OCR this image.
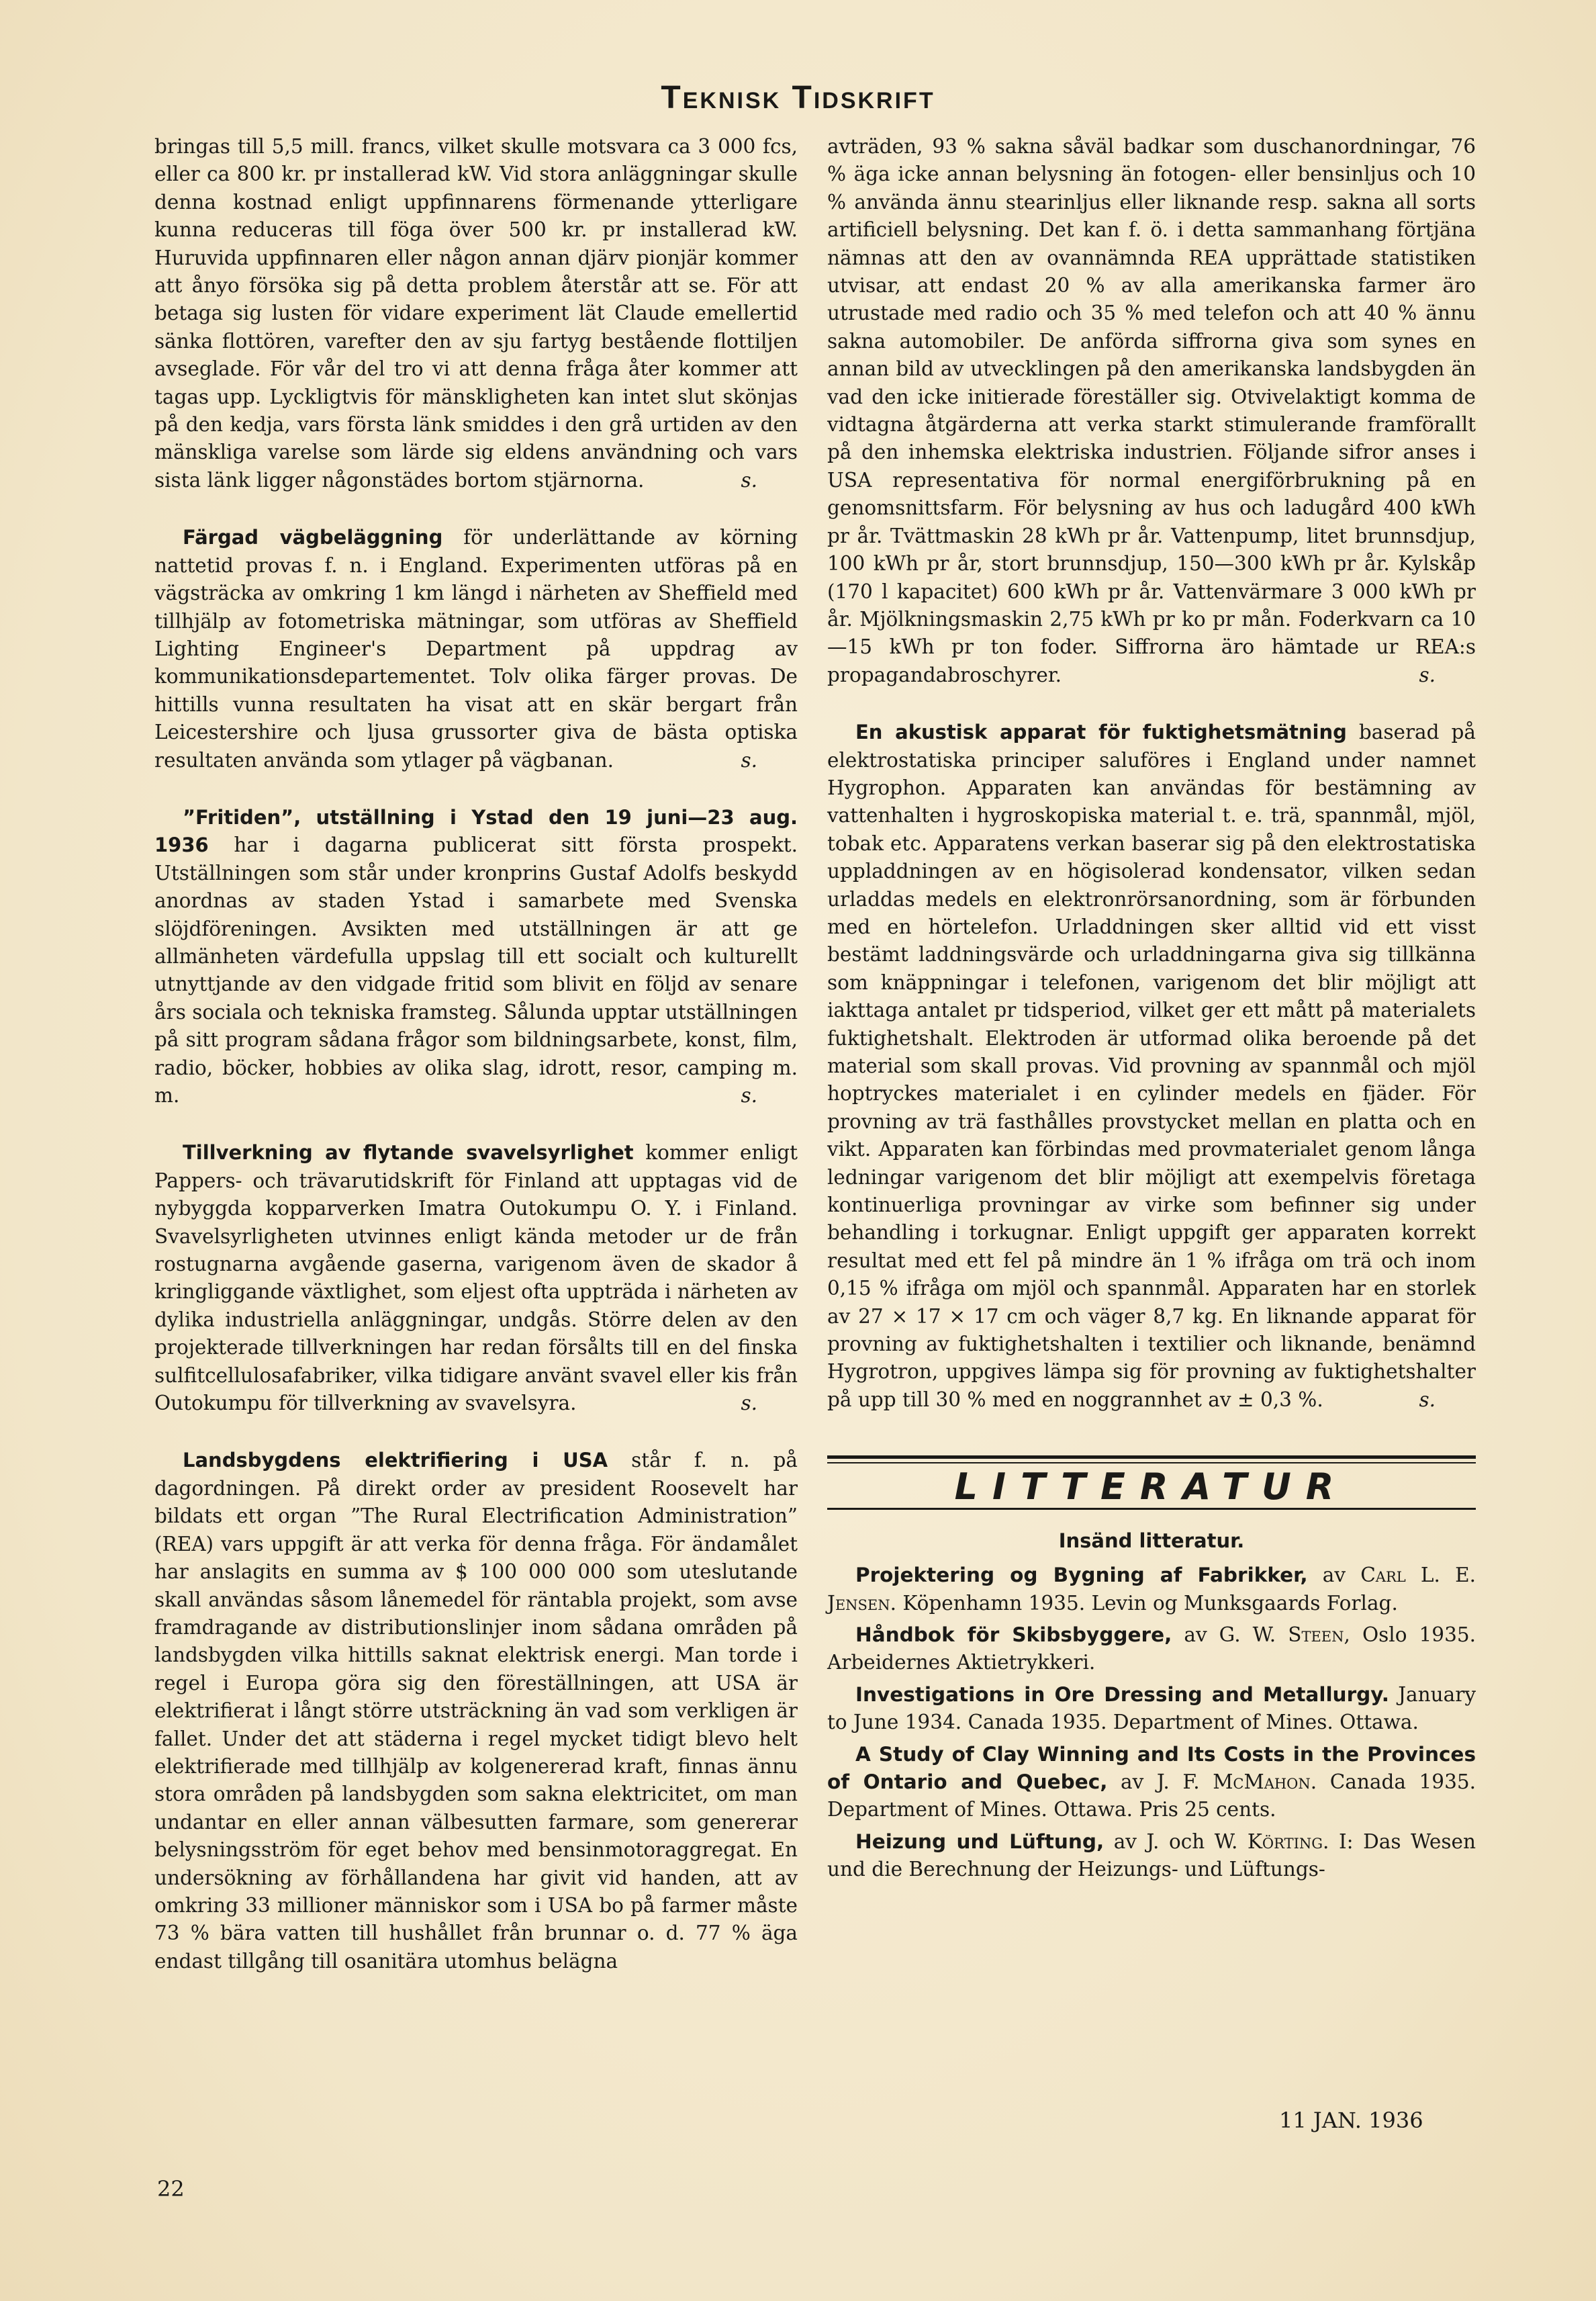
Teknisk Tidskrift

bringas till 5,5 mill. francs, vilket skulle motsvara ca 3 000 fcs, eller ca 800 kr. pr installerad kW. Vid stora anläggningar skulle denna kostnad enligt uppfinnarens förmenande ytterligare kunna reduceras till föga över 500 kr. pr installerad kW. Huruvida uppfinnaren eller någon annan djärv pionjär kommer att ånyo försöka sig på detta problem återstår att se. För att betaga sig lusten för vidare experiment lät Claude emellertid sänka flottören, varefter den av sju fartyg bestående flottiljen avseglade. För vår del tro vi att denna fråga åter kommer att tagas upp. Lyckligtvis för mänskligheten kan intet slut skönjas på den kedja, vars första länk smiddes i den grå urtiden av den mänskliga varelse som lärde sig eldens användning och vars sista länk ligger någonstädes bortom stjärnorna.	s.

Färgad vägbeläggning för underlättande av körning nattetid provas f. n. i England. Experimenten utföras på en vägsträcka av omkring 1 km längd i närheten av Sheffield med tillhjälp av fotometriska mätningar, som utföras av Sheffield Lighting Engineer's Department på uppdrag av kommunikationsdepartementet. Tolv olika färger provas. De hittills vunna resultaten ha visat att en skär bergart från Leicestershire och ljusa grussorter giva de bästa optiska resultaten använda som ytlager på vägbanan.	s.

”Fritiden”, utställning i Ystad den 19 juni—23 aug. 1936 har i dagarna publicerat sitt första prospekt. Utställningen som står under kronprins Gustaf Adolfs beskydd anordnas av staden Ystad i samarbete med Svenska slöjdföreningen. Avsikten med utställningen är att ge allmänheten värdefulla uppslag till ett socialt och kulturellt utnyttjande av den vidgade fritid som blivit en följd av senare års sociala och tekniska framsteg. Sålunda upptar utställningen på sitt program sådana frågor som bildningsarbete, konst, film, radio, böcker, hobbies av olika slag, idrott, resor, camping m. m.	s.

Tillverkning av flytande svavelsyrlighet kommer enligt Pappers- och trävarutidskrift för Finland att upptagas vid de nybyggda kopparverken Imatra Outokumpu O. Y. i Finland. Svavelsyrligheten utvinnes enligt kända metoder ur de från rostugnarna avgående gaserna, varigenom även de skador å kringliggande växtlighet, som eljest ofta uppträda i närheten av dylika industriella anläggningar, undgås. Större delen av den projekterade tillverkningen har redan försålts till en del finska sulfitcellulosafabriker, vilka tidigare använt svavel eller kis från Outokumpu för tillverkning av svavelsyra.	s.

Landsbygdens elektrifiering i USA står f. n. på dagordningen. På direkt order av president Roosevelt har bildats ett organ ”The Rural Electrification Administration” (REA) vars uppgift är att verka för denna fråga. För ändamålet har anslagits en summa av $ 100 000 000 som uteslutande skall användas såsom lånemedel för räntabla projekt, som avse framdragande av distributionslinjer inom sådana områden på landsbygden vilka hittills saknat elektrisk energi. Man torde i regel i Europa göra sig den föreställningen, att USA är elektrifierat i långt större utsträckning än vad som verkligen är fallet. Under det att städerna i regel mycket tidigt blevo helt elektrifierade med tillhjälp av kolgenererad kraft, finnas ännu stora områden på landsbygden som sakna elektricitet, om man undantar en eller annan välbesutten farmare, som genererar belysningsström för eget behov med bensinmotoraggregat. En undersökning av förhållandena har givit vid handen, att av omkring 33 millioner människor som i USA bo på farmer måste 73 % bära vatten till hushållet från brunnar o. d. 77 % äga endast tillgång till osanitära utomhus belägna

avträden, 93 % sakna såväl badkar som duschanordningar, 76 % äga icke annan belysning än fotogen- eller bensinljus och 10 % använda ännu stearinljus eller liknande resp. sakna all sorts artificiell belysning. Det kan f. ö. i detta sammanhang förtjäna nämnas att den av ovannämnda REA upprättade statistiken utvisar, att endast 20 % av alla amerikanska farmer äro utrustade med radio och 35 % med telefon och att 40 % ännu sakna automobiler. De anförda siffrorna giva som synes en annan bild av utvecklingen på den amerikanska landsbygden än vad den icke initierade föreställer sig. Otvivelaktigt komma de vidtagna åtgärderna att verka starkt stimulerande framförallt på den inhemska elektriska industrien. Följande sifror anses i USA representativa för normal energiförbrukning på en genomsnittsfarm. För belysning av hus och ladugård 400 kWh pr år. Tvättmaskin 28 kWh pr år. Vattenpump, litet brunnsdjup, 100 kWh pr år, stort brunnsdjup, 150—300 kWh pr år. Kylskåp (170 l kapacitet) 600 kWh pr år. Vattenvärmare 3 000 kWh pr år. Mjölkningsmaskin 2,75 kWh pr ko pr mån. Foderkvarn ca 10—15 kWh pr ton foder. Siffrorna äro hämtade ur REA:s propagandabroschyrer.	s.

En akustisk apparat för fuktighetsmätning baserad på elektrostatiska principer saluföres i England under namnet Hygrophon. Apparaten kan användas för bestämning av vattenhalten i hygroskopiska material t. e. trä, spannmål, mjöl, tobak etc. Apparatens verkan baserar sig på den elektrostatiska uppladdningen av en högisolerad kondensator, vilken sedan urladdas medels en elektronrörsanordning, som är förbunden med en hörtelefon. Urladdningen sker alltid vid ett visst bestämt laddningsvärde och urladdningarna giva sig tillkänna som knäppningar i telefonen, varigenom det blir möjligt att iakttaga antalet pr tidsperiod, vilket ger ett mått på materialets fuktighetshalt. Elektroden är utformad olika beroende på det material som skall provas. Vid provning av spannmål och mjöl hoptryckes materialet i en cylinder medels en fjäder. För provning av trä fasthålles provstycket mellan en platta och en vikt. Apparaten kan förbindas med provmaterialet genom långa ledningar varigenom det blir möjligt att exempelvis företaga kontinuerliga provningar av virke som befinner sig under behandling i torkugnar. Enligt uppgift ger apparaten korrekt resultat med ett fel på mindre än 1 % ifråga om trä och inom 0,15 % ifråga om mjöl och spannmål. Apparaten har en storlek av 27 × 17 × 17 cm och väger 8,7 kg. En liknande apparat för provning av fuktighetshalten i textilier och liknande, benämnd Hygrotron, uppgives lämpa sig för provning av fuktighetshalter på upp till 30 % med en noggrannhet av ± 0,3 %.	s.

LITTERATUR
Insänd litteratur.

Projektering og Bygning af Fabrikker, av Carl L. E. Jensen. Köpenhamn 1935. Levin og Munksgaards Forlag.

Håndbok för Skibsbyggere, av G. W. Steen, Oslo 1935. Arbeidernes Aktietrykkeri.

Investigations in Ore Dressing and Metallurgy. January to June 1934. Canada 1935. Department of Mines. Ottawa.

A Study of Clay Winning and Its Costs in the Provinces of Ontario and Quebec, av J. F. McMahon. Canada 1935. Department of Mines. Ottawa. Pris 25 cents.

Heizung und Lüftung, av J. och W. Körting. I: Das Wesen und die Berechnung der Heizungs- und Lüftungs-

11 JAN. 1936
22
